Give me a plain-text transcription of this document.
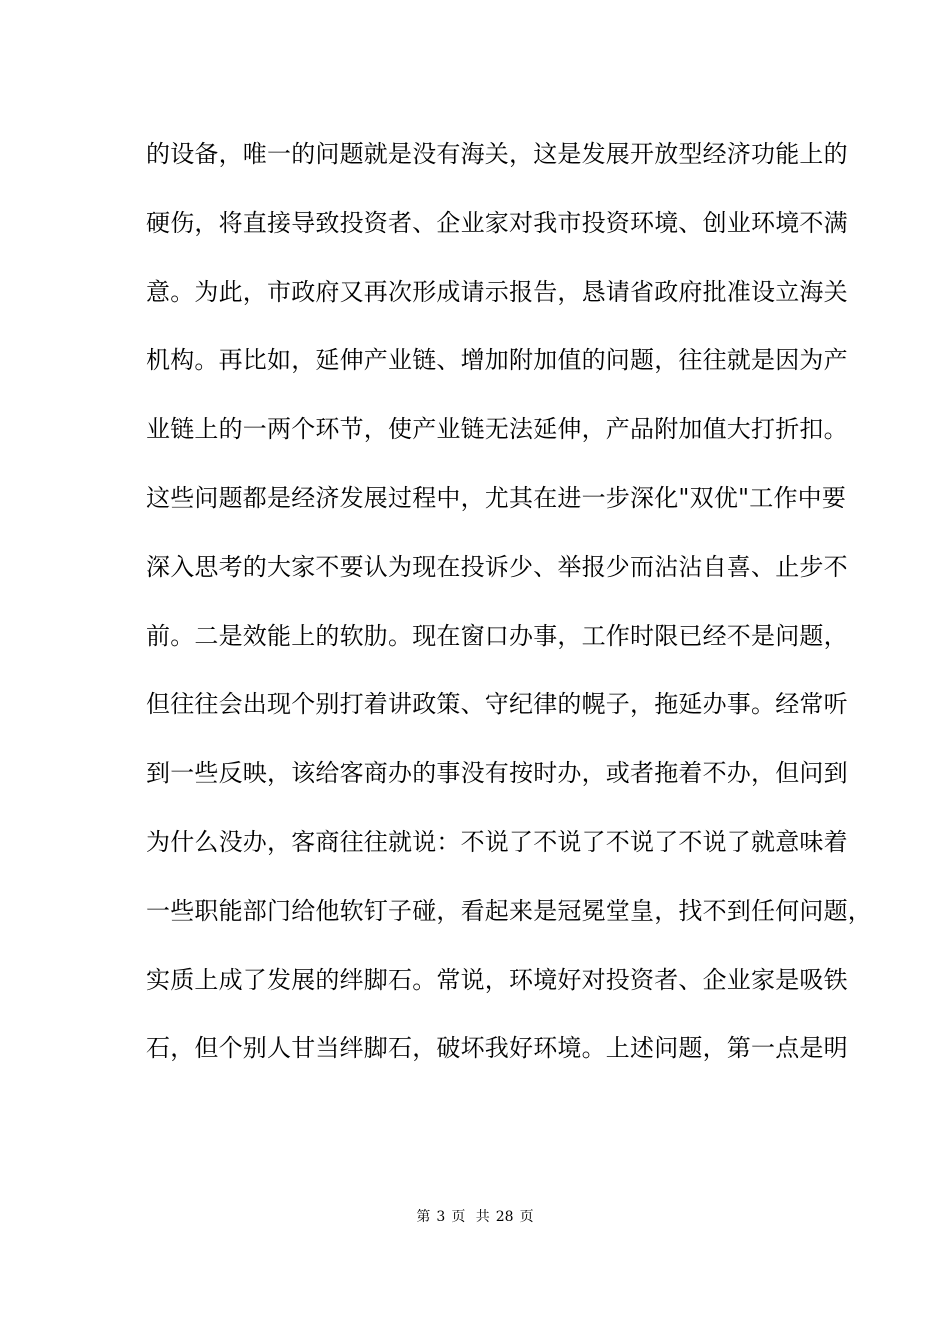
的设备，唯一的问题就是没有海关，这是发展开放型经济功能上的
硬伤，将直接导致投资者、企业家对我市投资环境、创业环境不满
意。为此，市政府又再次形成请示报告，恳请省政府批准设立海关
机构。再比如，延伸产业链、增加附加值的问题，往往就是因为产
业链上的一两个环节，使产业链无法延伸，产品附加值大打折扣。
这些问题都是经济发展过程中，尤其在进一步深化"双优"工作中要
深入思考的大家不要认为现在投诉少、举报少而沾沾自喜、止步不
前。二是效能上的软肋。现在窗口办事，工作时限已经不是问题，
但往往会出现个别打着讲政策、守纪律的幌子，拖延办事。经常听
到一些反映，该给客商办的事没有按时办，或者拖着不办，但问到
为什么没办，客商往往就说：不说了不说了不说了不说了就意味着
一些职能部门给他软钉子碰，看起来是冠冕堂皇，找不到任何问题，
实质上成了发展的绊脚石。常说，环境好对投资者、企业家是吸铁
石，但个别人甘当绊脚石，破坏我好环境。上述问题，第一点是明
第 3 页 共 28 页
